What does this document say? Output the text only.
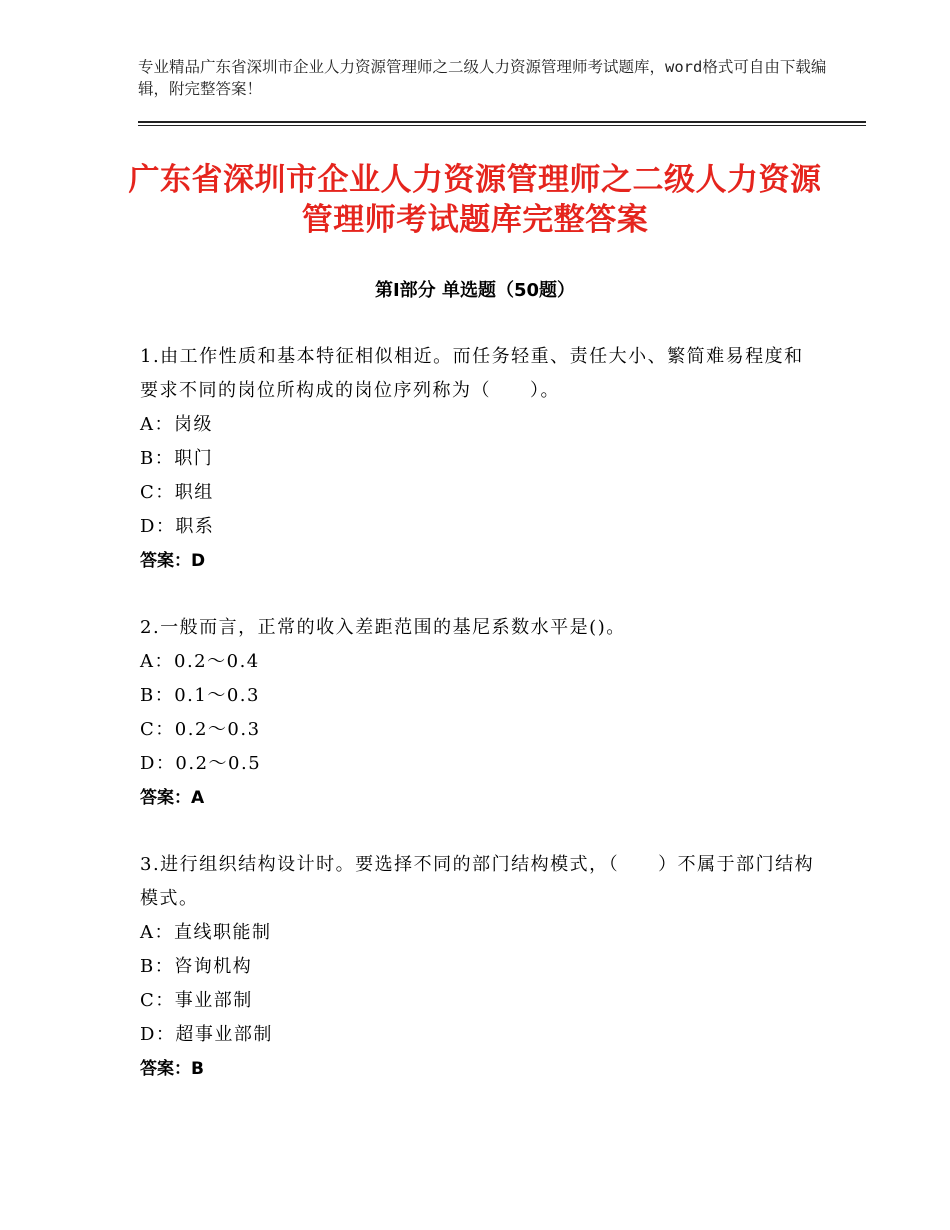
专业精品广东省深圳市企业人力资源管理师之二级人力资源管理师考试题库，word格式可自由下载编辑，附完整答案！
广东省深圳市企业人力资源管理师之二级人力资源管理师考试题库完整答案
第Ⅰ部分 单选题（50题）
1.由工作性质和基本特征相似相近。而任务轻重、责任大小、繁简难易程度和要求不同的岗位所构成的岗位序列称为（　　）。
A：岗级
B：职门
C：职组
D：职系
答案：D
2.一般而言，正常的收入差距范围的基尼系数水平是()。
A：0.2～0.4
B：0.1～0.3
C：0.2～0.3
D：0.2～0.5
答案：A
3.进行组织结构设计时。要选择不同的部门结构模式，（　　）不属于部门结构模式。
A：直线职能制
B：咨询机构
C：事业部制
D：超事业部制
答案：B
